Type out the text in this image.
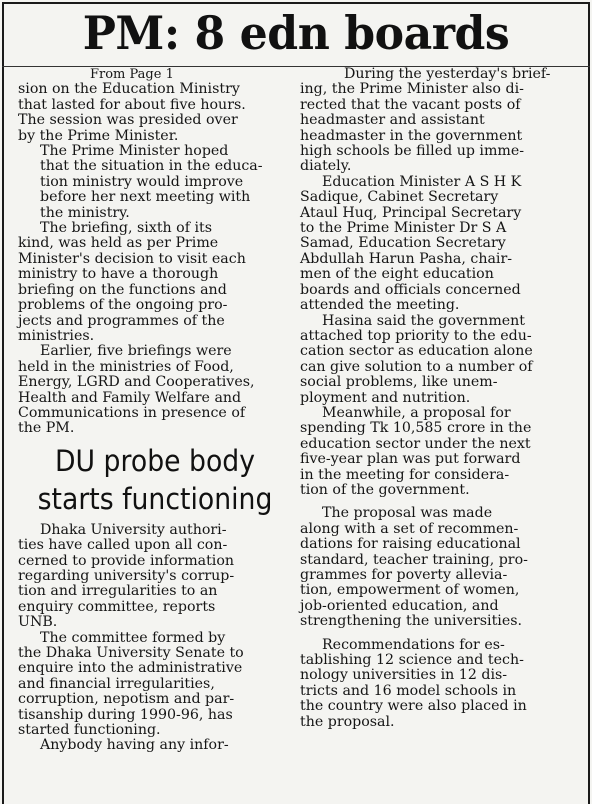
PM: 8 edn boards

From Page 1

sion on the Education Ministry
that lasted for about five hours.
The session was presided over
by the Prime Minister.

The Prime Minister hoped
that the situation in the educa-
tion ministry would improve
before her next meeting with
the ministry.

The briefing, sixth of its
kind, was held as per Prime
Minister's decision to visit each
ministry to have a thorough
briefing on the functions and
problems of the ongoing pro-
jects and programmes of the
ministries.

Earlier, five briefings were
held in the ministries of Food,
Energy, LGRD and Cooperatives,
Health and Family Welfare and
Communications in presence of
the PM.

DU probe body

starts functioning

Dhaka University authori-
ties have called upon all con-
cerned to provide information
regarding university's corrup-
tion and irregularities to an
enquiry committee, reports
UNB.

The committee formed by
the Dhaka University Senate to
enquire into the administrative
and financial irregularities,
corruption, nepotism and par-
tisanship during 1990-96, has
started functioning.

Anybody having any infor-

During the yesterday's brief-
ing, the Prime Minister also di-
rected that the vacant posts of
headmaster and assistant
headmaster in the government
high schools be filled up imme-
diately.

Education Minister A S H K
Sadique, Cabinet Secretary
Ataul Huq, Principal Secretary
to the Prime Minister Dr S A
Samad, Education Secretary
Abdullah Harun Pasha, chair-
men of the eight education
boards and officials concerned
attended the meeting.

Hasina said the government
attached top priority to the edu-
cation sector as education alone
can give solution to a number of
social problems, like unem-
ployment and nutrition.

Meanwhile, a proposal for
spending Tk 10,585 crore in the
education sector under the next
five-year plan was put forward
in the meeting for considera-
tion of the government.

The proposal was made
along with a set of recommen-
dations for raising educational
standard, teacher training, pro-
grammes for poverty allevia-
tion, empowerment of women,
job-oriented education, and
strengthening the universities.

Recommendations for es-
tablishing 12 science and tech-
nology universities in 12 dis-
tricts and 16 model schools in
the country were also placed in
the proposal.
